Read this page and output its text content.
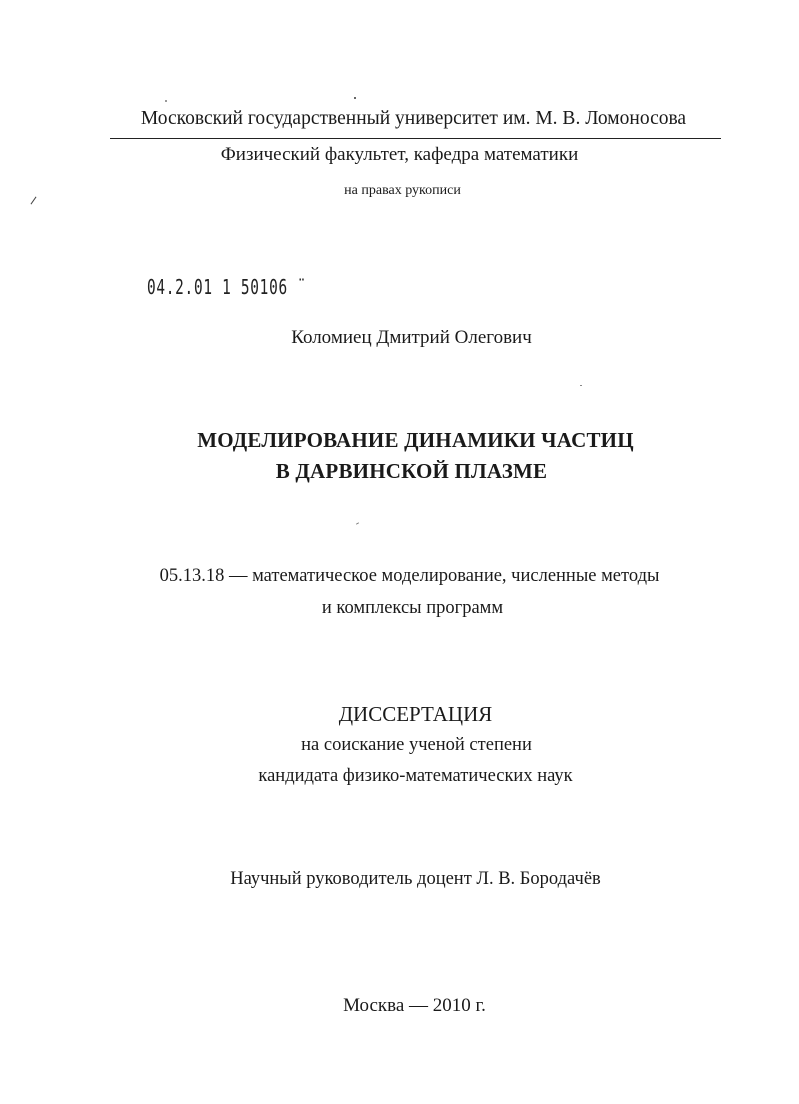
Московский государственный университет им. М. В. Ломоносова
Физический факультет, кафедра математики
на правах рукописи
04.2.01 1 50106 ¨
Коломиец Дмитрий Олегович
МОДЕЛИРОВАНИЕ ДИНАМИКИ ЧАСТИЦ
В ДАРВИНСКОЙ ПЛАЗМЕ
05.13.18 — математическое моделирование, численные методы
и комплексы программ
ДИССЕРТАЦИЯ
на соискание ученой степени
кандидата физико-математических наук
Научный руководитель доцент Л. В. Бородачёв
Москва — 2010 г.
